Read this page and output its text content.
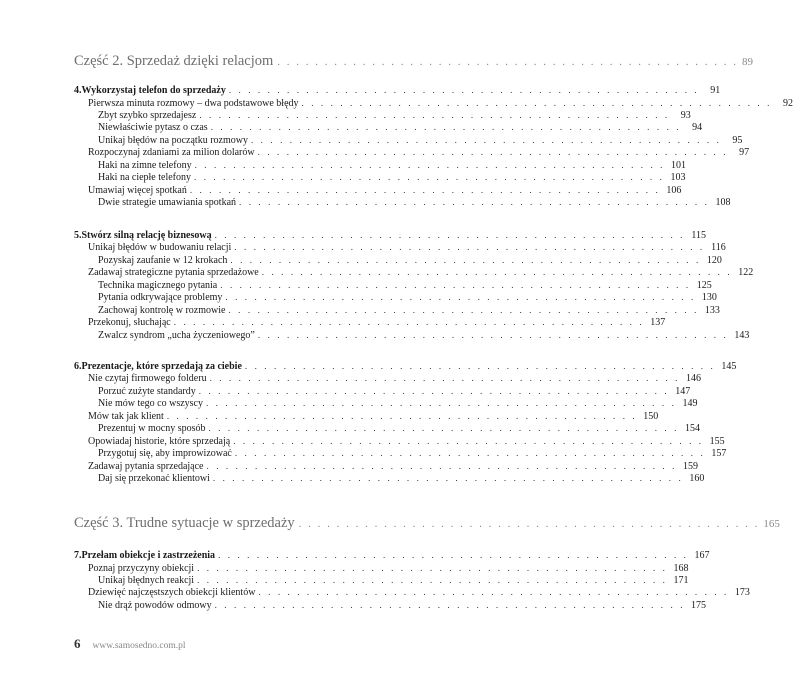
Część 2. Sprzedaż dzięki relacjom . . . . . . . . . . . . . . . . . . . . . . . . . . . . . . . . . . . . . . . . . . . . . . . . . 89
4. Wykorzystaj telefon do sprzedaży . . . . . . . . . . . . . . . . . . . . . . . . . . . . . . . . . . . . . . . . . . . . . . . . .	91
Pierwsza minuta rozmowy – dwa podstawowe błędy . . . . . . . . . . . . . . . . . . . . . . . . . . . . . . . . . . . . . . . . . . . . . . . . .	92
Zbyt szybko sprzedajesz . . . . . . . . . . . . . . . . . . . . . . . . . . . . . . . . . . . . . . . . . . . . . . . . .	93
Niewłaściwie pytasz o czas . . . . . . . . . . . . . . . . . . . . . . . . . . . . . . . . . . . . . . . . . . . . . . . . .	94
Unikaj błędów na początku rozmowy . . . . . . . . . . . . . . . . . . . . . . . . . . . . . . . . . . . . . . . . . . . . . . . . .	95
Rozpoczynaj zdaniami za milion dolarów . . . . . . . . . . . . . . . . . . . . . . . . . . . . . . . . . . . . . . . . . . . . . . . . .	97
Haki na zimne telefony . . . . . . . . . . . . . . . . . . . . . . . . . . . . . . . . . . . . . . . . . . . . . . . . . 101
Haki na ciepłe telefony . . . . . . . . . . . . . . . . . . . . . . . . . . . . . . . . . . . . . . . . . . . . . . . . . 103
Umawiaj więcej spotkań . . . . . . . . . . . . . . . . . . . . . . . . . . . . . . . . . . . . . . . . . . . . . . . . . 106
Dwie strategie umawiania spotkań . . . . . . . . . . . . . . . . . . . . . . . . . . . . . . . . . . . . . . . . . . . . . . . . . 108
5. Stwórz silną relację biznesową . . . . . . . . . . . . . . . . . . . . . . . . . . . . . . . . . . . . . . . . . . . . . . . . . 115
Unikaj błędów w budowaniu relacji . . . . . . . . . . . . . . . . . . . . . . . . . . . . . . . . . . . . . . . . . . . . . . . . . 116
Pozyskaj zaufanie w 12 krokach . . . . . . . . . . . . . . . . . . . . . . . . . . . . . . . . . . . . . . . . . . . . . . . . . 120
Zadawaj strategiczne pytania sprzedażowe . . . . . . . . . . . . . . . . . . . . . . . . . . . . . . . . . . . . . . . . . . . . . . . . . 122
Technika magicznego pytania . . . . . . . . . . . . . . . . . . . . . . . . . . . . . . . . . . . . . . . . . . . . . . . . . 125
Pytania odkrywające problemy . . . . . . . . . . . . . . . . . . . . . . . . . . . . . . . . . . . . . . . . . . . . . . . . . 130
Zachowaj kontrolę w rozmowie . . . . . . . . . . . . . . . . . . . . . . . . . . . . . . . . . . . . . . . . . . . . . . . . . 133
Przekonuj, słuchając . . . . . . . . . . . . . . . . . . . . . . . . . . . . . . . . . . . . . . . . . . . . . . . . . 137
Zwalcz syndrom „ucha życzeniowego” . . . . . . . . . . . . . . . . . . . . . . . . . . . . . . . . . . . . . . . . . . . . . . . . . 143
6. Prezentacje, które sprzedają za ciebie . . . . . . . . . . . . . . . . . . . . . . . . . . . . . . . . . . . . . . . . . . . . . . . . . 145
Nie czytaj firmowego folderu . . . . . . . . . . . . . . . . . . . . . . . . . . . . . . . . . . . . . . . . . . . . . . . . . 146
Porzuć zużyte standardy . . . . . . . . . . . . . . . . . . . . . . . . . . . . . . . . . . . . . . . . . . . . . . . . . 147
Nie mów tego co wszyscy . . . . . . . . . . . . . . . . . . . . . . . . . . . . . . . . . . . . . . . . . . . . . . . . . 149
Mów tak jak klient . . . . . . . . . . . . . . . . . . . . . . . . . . . . . . . . . . . . . . . . . . . . . . . . . 150
Prezentuj w mocny sposób . . . . . . . . . . . . . . . . . . . . . . . . . . . . . . . . . . . . . . . . . . . . . . . . . 154
Opowiadaj historie, które sprzedają . . . . . . . . . . . . . . . . . . . . . . . . . . . . . . . . . . . . . . . . . . . . . . . . . 155
Przygotuj się, aby improwizować . . . . . . . . . . . . . . . . . . . . . . . . . . . . . . . . . . . . . . . . . . . . . . . . . 157
Zadawaj pytania sprzedające . . . . . . . . . . . . . . . . . . . . . . . . . . . . . . . . . . . . . . . . . . . . . . . . . 159
Daj się przekonać klientowi . . . . . . . . . . . . . . . . . . . . . . . . . . . . . . . . . . . . . . . . . . . . . . . . . 160
Część 3. Trudne sytuacje w sprzedaży . . . . . . . . . . . . . . . . . . . . . . . . . . . . . . . . . . . . . . . . . . . . . . . . . 165
7. Przełam obiekcje i zastrzeżenia . . . . . . . . . . . . . . . . . . . . . . . . . . . . . . . . . . . . . . . . . . . . . . . . . 167
Poznaj przyczyny obiekcji . . . . . . . . . . . . . . . . . . . . . . . . . . . . . . . . . . . . . . . . . . . . . . . . . 168
Unikaj błędnych reakcji . . . . . . . . . . . . . . . . . . . . . . . . . . . . . . . . . . . . . . . . . . . . . . . . . 171
Dziewięć najczęstszych obiekcji klientów . . . . . . . . . . . . . . . . . . . . . . . . . . . . . . . . . . . . . . . . . . . . . . . . . 173
Nie drąż powodów odmowy . . . . . . . . . . . . . . . . . . . . . . . . . . . . . . . . . . . . . . . . . . . . . . . . . 175
6 www.samosedno.com.pl
